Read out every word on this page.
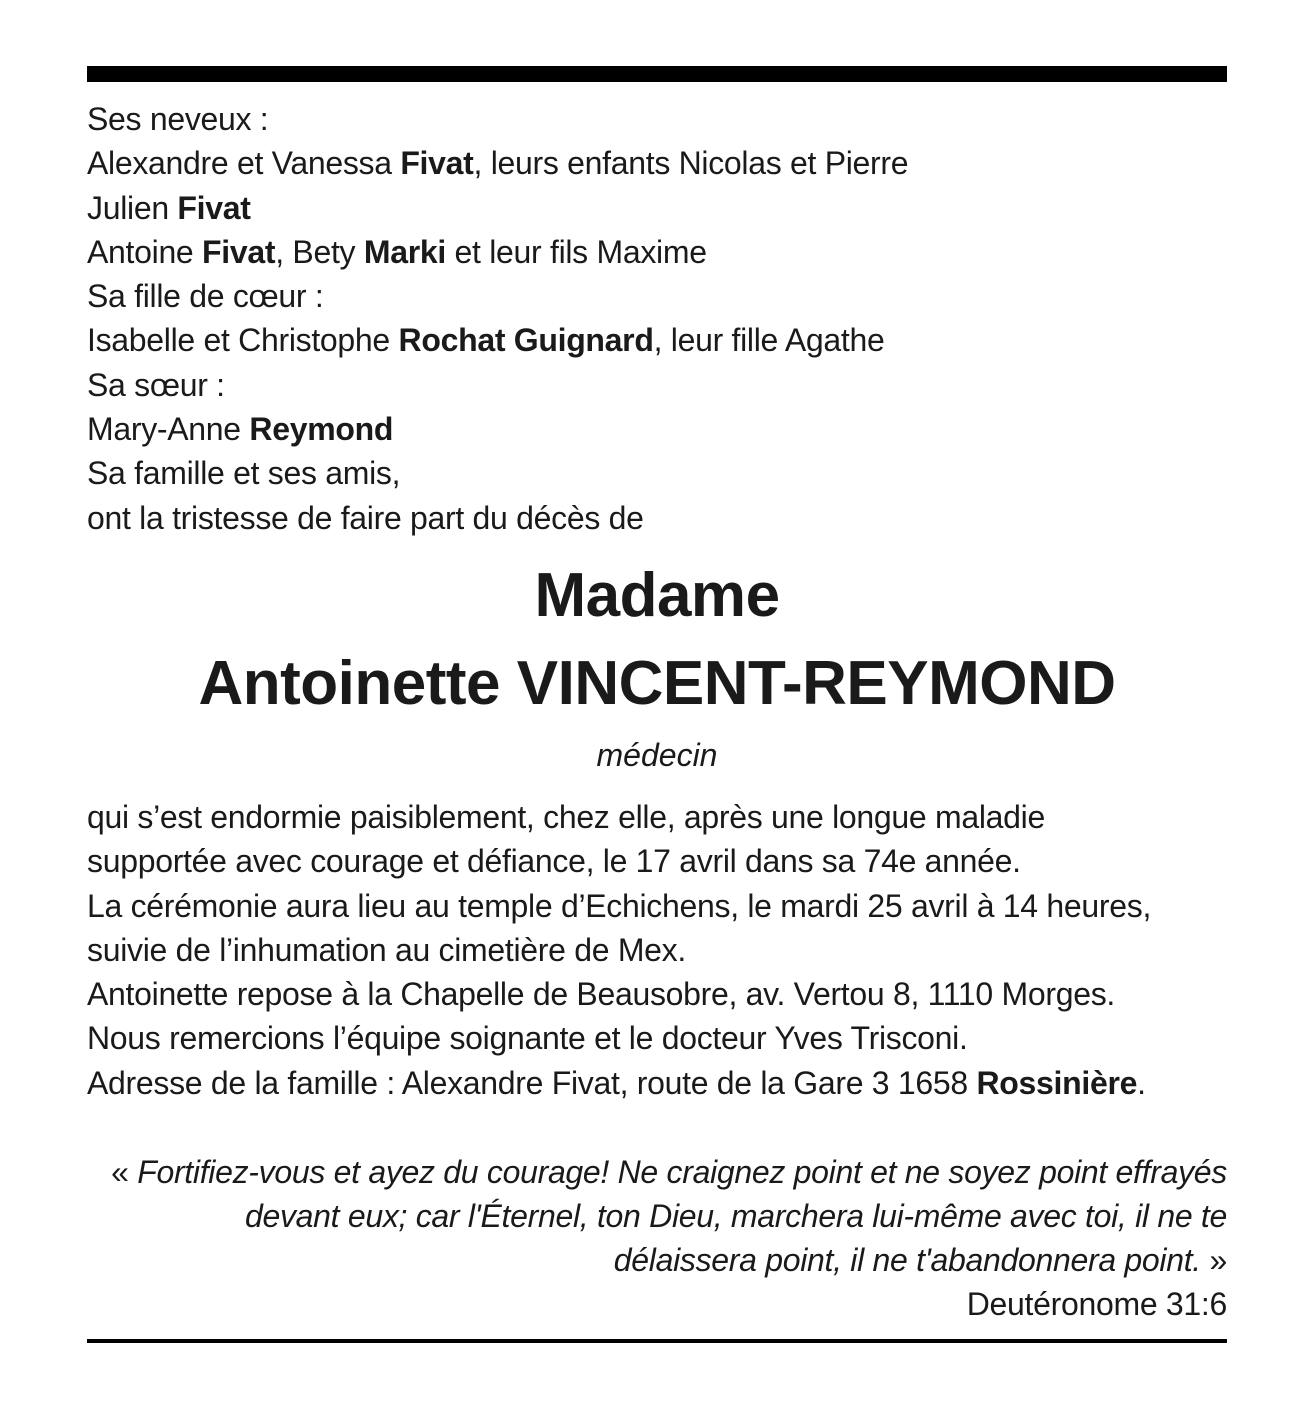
Ses neveux :
Alexandre et Vanessa Fivat, leurs enfants Nicolas et Pierre
Julien Fivat
Antoine Fivat, Bety Marki et leur fils Maxime
Sa fille de cœur :
Isabelle et Christophe Rochat Guignard, leur fille Agathe
Sa sœur :
Mary-Anne Reymond
Sa famille et ses amis,
ont la tristesse de faire part du décès de
Madame
Antoinette VINCENT-REYMOND
médecin
qui s’est endormie paisiblement, chez elle, après une longue maladie
supportée avec courage et défiance, le 17 avril dans sa 74e année.
La cérémonie aura lieu au temple d’Echichens, le mardi 25 avril à 14 heures,
suivie de l’inhumation au cimetière de Mex.
Antoinette repose à la Chapelle de Beausobre, av. Vertou 8, 1110 Morges.
Nous remercions l’équipe soignante et le docteur Yves Trisconi.
Adresse de la famille : Alexandre Fivat, route de la Gare 3 1658 Rossinière.
« Fortifiez-vous et ayez du courage! Ne craignez point et ne soyez point effrayés
devant eux; car l'Éternel, ton Dieu, marchera lui-même avec toi, il ne te
délaissera point, il ne t'abandonnera point. »
Deutéronome 31:6
